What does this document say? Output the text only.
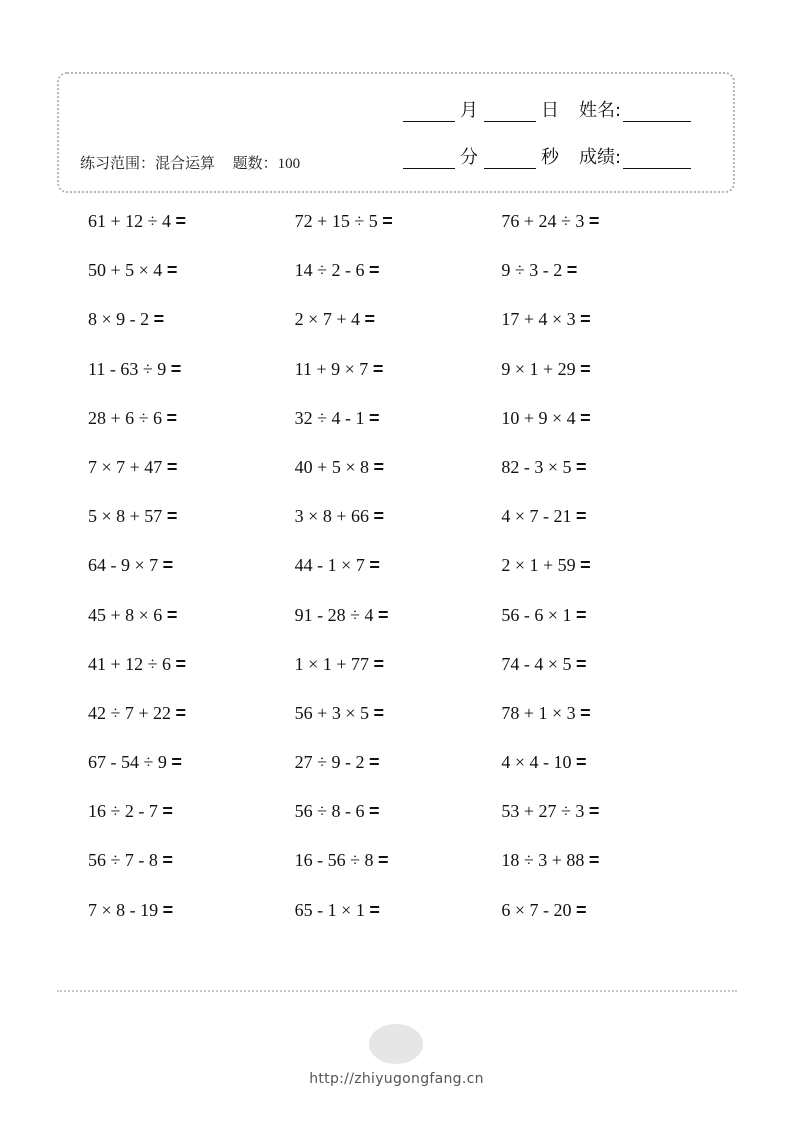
练习范围：混合运算 题数：100
月	日 姓名:
分	秒 成绩:
61 + 12 ÷ 4 =	72 + 15 ÷ 5 =	76 + 24 ÷ 3 =
50 + 5 × 4 =	14 ÷ 2 - 6 =	9 ÷ 3 - 2 =
8 × 9 - 2 =	2 × 7 + 4 =	17 + 4 × 3 =
11 - 63 ÷ 9 =	11 + 9 × 7 =	9 × 1 + 29 =
28 + 6 ÷ 6 =	32 ÷ 4 - 1 =	10 + 9 × 4 =
7 × 7 + 47 =	40 + 5 × 8 =	82 - 3 × 5 =
5 × 8 + 57 =	3 × 8 + 66 =	4 × 7 - 21 =
64 - 9 × 7 =	44 - 1 × 7 =	2 × 1 + 59 =
45 + 8 × 6 =	91 - 28 ÷ 4 =	56 - 6 × 1 =
41 + 12 ÷ 6 =	1 × 1 + 77 =	74 - 4 × 5 =
42 ÷ 7 + 22 =	56 + 3 × 5 =	78 + 1 × 3 =
67 - 54 ÷ 9 =	27 ÷ 9 - 2 =	4 × 4 - 10 =
16 ÷ 2 - 7 =	56 ÷ 8 - 6 =	53 + 27 ÷ 3 =
56 ÷ 7 - 8 =	16 - 56 ÷ 8 =	18 ÷ 3 + 88 =
7 × 8 - 19 =	65 - 1 × 1 =	6 × 7 - 20 =
http://zhiyugongfang.cn
